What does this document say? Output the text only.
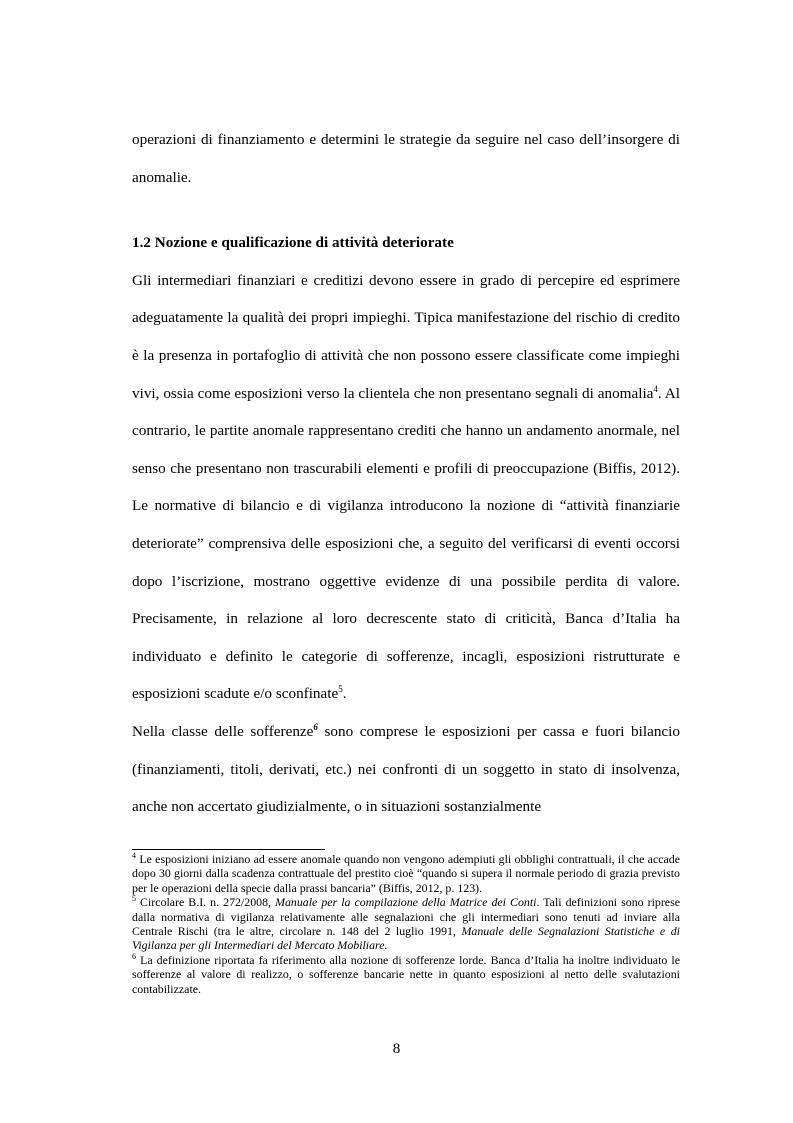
operazioni di finanziamento e determini le strategie da seguire nel caso dell’insorgere di anomalie.

1.2 Nozione e qualificazione di attività deteriorate

Gli intermediari finanziari e creditizi devono essere in grado di percepire ed esprimere adeguatamente la qualità dei propri impieghi. Tipica manifestazione del rischio di credito è la presenza in portafoglio di attività che non possono essere classificate come impieghi vivi, ossia come esposizioni verso la clientela che non presentano segnali di anomalia$^4$. Al contrario, le partite anomale rappresentano crediti che hanno un andamento anormale, nel senso che presentano non trascurabili elementi e profili di preoccupazione (Biffis, 2012). Le normative di bilancio e di vigilanza introducono la nozione di “attività finanziarie deteriorate” comprensiva delle esposizioni che, a seguito del verificarsi di eventi occorsi dopo l’iscrizione, mostrano oggettive evidenze di una possibile perdita di valore. Precisamente, in relazione al loro decrescente stato di criticità, Banca d’Italia ha individuato e definito le categorie di sofferenze, incagli, esposizioni ristrutturate e esposizioni scadute e/o sconfinate$^5$.

Nella classe delle sofferenze$^6$ sono comprese le esposizioni per cassa e fuori bilancio (finanziamenti, titoli, derivati, etc.) nei confronti di un soggetto in stato di insolvenza, anche non accertato giudizialmente, o in situazioni sostanzialmente

$^4$ Le esposizioni iniziano ad essere anomale quando non vengono adempiuti gli obblighi contrattuali, il che accade dopo 30 giorni dalla scadenza contrattuale del prestito cioè “quando si supera il normale periodo di grazia previsto per le operazioni della specie dalla prassi bancaria” (Biffis, 2012, p. 123).

$^5$ Circolare B.I. n. 272/2008, Manuale per la compilazione della Matrice dei Conti. Tali definizioni sono riprese dalla normativa di vigilanza relativamente alle segnalazioni che gli intermediari sono tenuti ad inviare alla Centrale Rischi (tra le altre, circolare n. 148 del 2 luglio 1991, Manuale delle Segnalazioni Statistiche e di Vigilanza per gli Intermediari del Mercato Mobiliare.

$^6$ La definizione riportata fa riferimento alla nozione di sofferenze lorde. Banca d’Italia ha inoltre individuato le sofferenze al valore di realizzo, o sofferenze bancarie nette in quanto esposizioni al netto delle svalutazioni contabilizzate.

8
